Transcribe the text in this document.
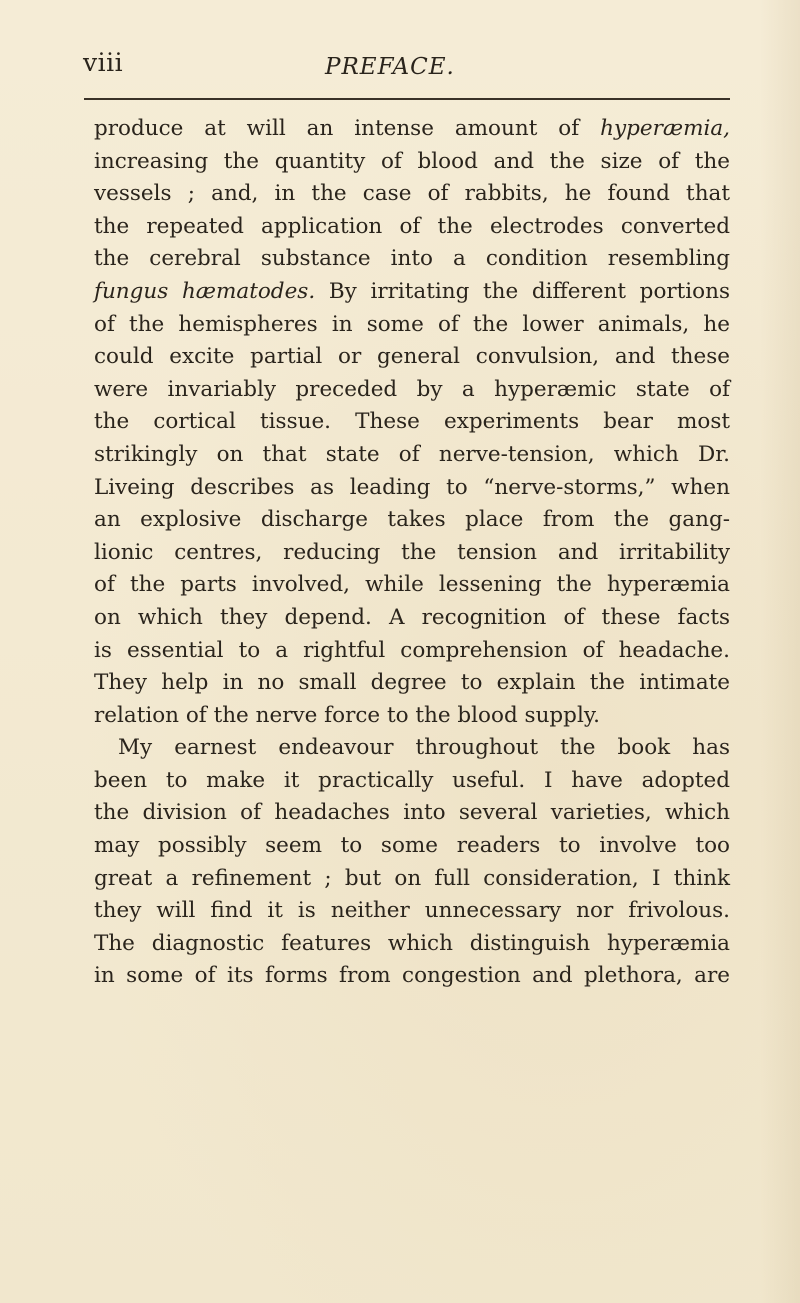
viii	PREFACE.
produce at will an intense amount of hyperæmia,
increasing the quantity of blood and the size of the
vessels ; and, in the case of rabbits, he found that
the repeated application of the electrodes converted
the cerebral substance into a condition resembling
fungus hæmatodes. By irritating the different portions
of the hemispheres in some of the lower animals, he
could excite partial or general convulsion, and these
were invariably preceded by a hyperæmic state of
the cortical tissue. These experiments bear most
strikingly on that state of nerve-tension, which Dr.
Liveing describes as leading to “nerve-storms,” when
an explosive discharge takes place from the gang-
lionic centres, reducing the tension and irritability
of the parts involved, while lessening the hyperæmia
on which they depend. A recognition of these facts
is essential to a rightful comprehension of headache.
They help in no small degree to explain the intimate
relation of the nerve force to the blood supply.
My earnest endeavour throughout the book has
been to make it practically useful. I have adopted
the division of headaches into several varieties, which
may possibly seem to some readers to involve too
great a refinement ; but on full consideration, I think
they will find it is neither unnecessary nor frivolous.
The diagnostic features which distinguish hyperæmia
in some of its forms from congestion and plethora, are
